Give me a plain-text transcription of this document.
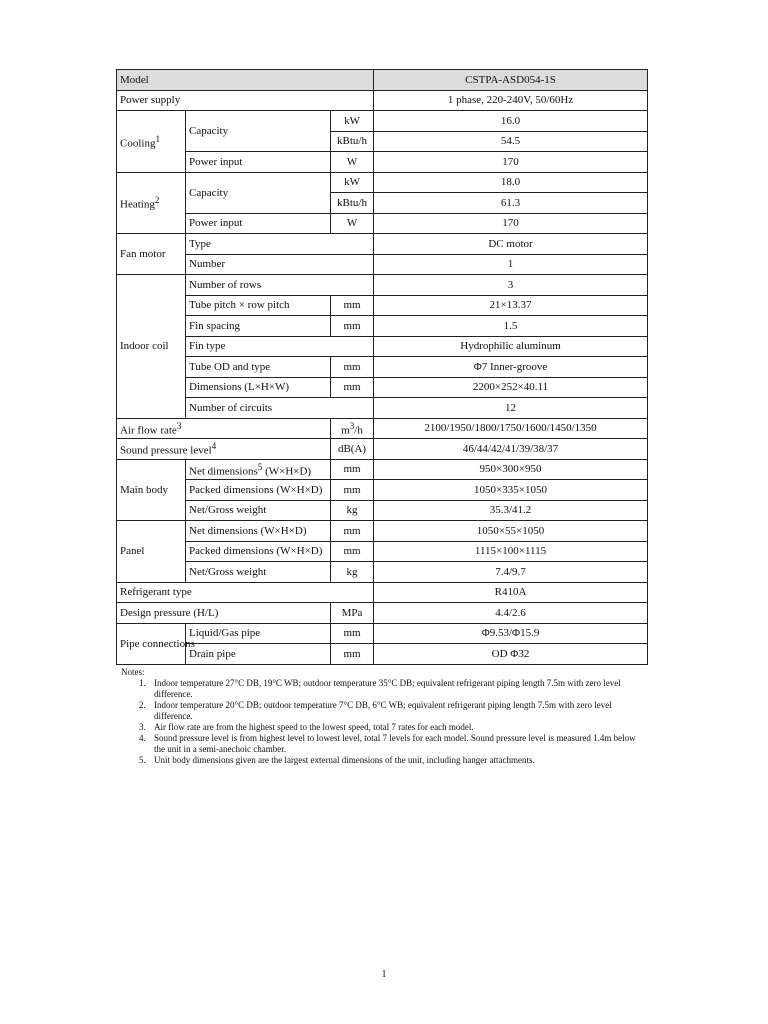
Model			CSTPA-ASD054-1S
Power supply			1 phase, 220-240V, 50/60Hz
Cooling$^1$	Capacity	kW	16.0
		kBtu/h	54.5
	Power input	W	170
Heating$^2$	Capacity	kW	18.0
		kBtu/h	61.3
	Power input	W	170
Fan motor	Type		DC motor
	Number		1
Indoor coil	Number of rows		3
	Tube pitch × row pitch	mm	21×13.37
	Fin spacing	mm	1.5
	Fin type		Hydrophilic aluminum
	Tube OD and type	mm	Φ7 Inner-groove
	Dimensions (L×H×W)	mm	2200×252×40.11
	Number of circuits		12
Air flow rate$^3$		$m^3/h$	2100/1950/1800/1750/1600/1450/1350
Sound pressure level$^4$		dB(A)	46/44/42/41/39/38/37
Main body	Net dimensions$^5$ (W×H×D)	mm	950×300×950
	Packed dimensions (W×H×D)	mm	1050×335×1050
	Net/Gross weight	kg	35.3/41.2
Panel	Net dimensions (W×H×D)	mm	1050×55×1050
	Packed dimensions (W×H×D)	mm	1115×100×1115
	Net/Gross weight	kg	7.4/9.7
Refrigerant type			R410A
Design pressure (H/L)		MPa	4.4/2.6
Pipe connections	Liquid/Gas pipe	mm	Φ9.53/Φ15.9
	Drain pipe	mm	OD Φ32
Notes:
1. Indoor temperature 27°C DB, 19°C WB; outdoor temperature 35°C DB; equivalent refrigerant piping length 7.5m with zero level difference.
2. Indoor temperature 20°C DB; outdoor temperature 7°C DB, 6°C WB; equivalent refrigerant piping length 7.5m with zero level difference.
3. Air flow rate are from the highest speed to the lowest speed, total 7 rates for each model.
4. Sound pressure level is from highest level to lowest level, total 7 levels for each model. Sound pressure level is measured 1.4m below the unit in a semi-anechoic chamber.
5. Unit body dimensions given are the largest external dimensions of the unit, including hanger attachments.
1
